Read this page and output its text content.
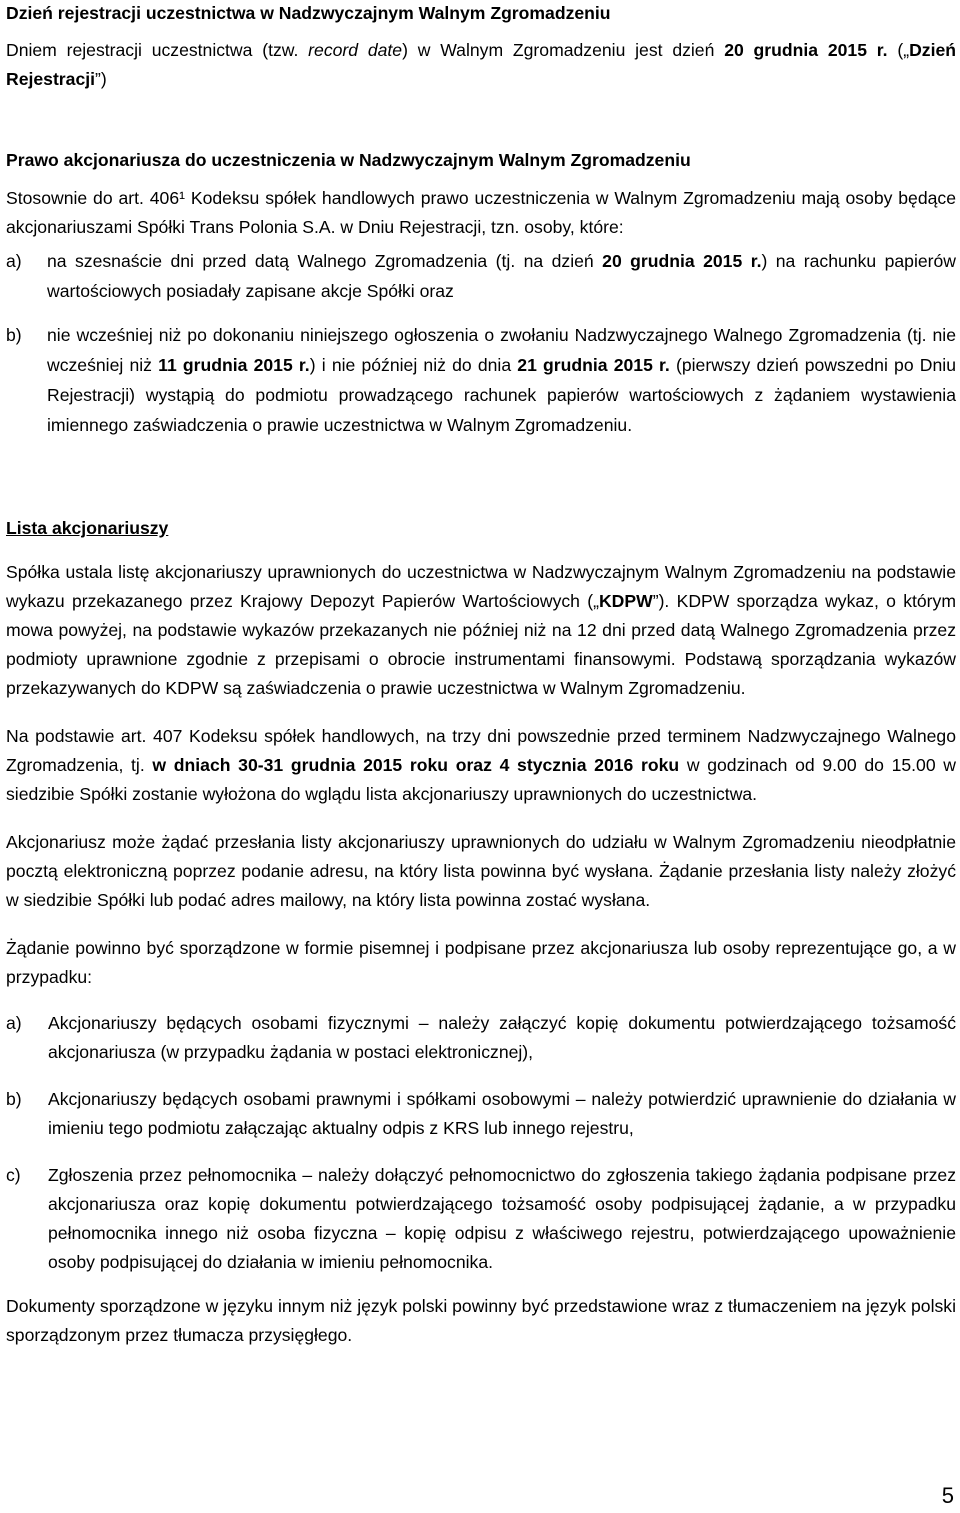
Dzień rejestracji uczestnictwa w Nadzwyczajnym Walnym Zgromadzeniu
Dniem rejestracji uczestnictwa (tzw. record date) w Walnym Zgromadzeniu jest dzień 20 grudnia 2015 r. („Dzień Rejestracji”)
Prawo akcjonariusza do uczestniczenia w Nadzwyczajnym Walnym Zgromadzeniu
Stosownie do art. 406¹ Kodeksu spółek handlowych prawo uczestniczenia w Walnym Zgromadzeniu mają osoby będące akcjonariuszami Spółki Trans Polonia S.A. w Dniu Rejestracji, tzn. osoby, które:
a) na szesnaście dni przed datą Walnego Zgromadzenia (tj. na dzień 20 grudnia 2015 r.) na rachunku papierów wartościowych posiadały zapisane akcje Spółki oraz
b) nie wcześniej niż po dokonaniu niniejszego ogłoszenia o zwołaniu Nadzwyczajnego Walnego Zgromadzenia (tj. nie wcześniej niż 11 grudnia 2015 r.) i nie później niż do dnia 21 grudnia 2015 r. (pierwszy dzień powszedni po Dniu Rejestracji) wystąpią do podmiotu prowadzącego rachunek papierów wartościowych z żądaniem wystawienia imiennego zaświadczenia o prawie uczestnictwa w Walnym Zgromadzeniu.
Lista akcjonariuszy
Spółka ustala listę akcjonariuszy uprawnionych do uczestnictwa w Nadzwyczajnym Walnym Zgromadzeniu na podstawie wykazu przekazanego przez Krajowy Depozyt Papierów Wartościowych („KDPW”). KDPW sporządza wykaz, o którym mowa powyżej, na podstawie wykazów przekazanych nie później niż na 12 dni przed datą Walnego Zgromadzenia przez podmioty uprawnione zgodnie z przepisami o obrocie instrumentami finansowymi. Podstawą sporządzania wykazów przekazywanych do KDPW są zaświadczenia o prawie uczestnictwa w Walnym Zgromadzeniu.
Na podstawie art. 407 Kodeksu spółek handlowych, na trzy dni powszednie przed terminem Nadzwyczajnego Walnego Zgromadzenia, tj. w dniach 30-31 grudnia 2015 roku oraz 4 stycznia 2016 roku w godzinach od 9.00 do 15.00 w siedzibie Spółki zostanie wyłożona do wglądu lista akcjonariuszy uprawnionych do uczestnictwa.
Akcjonariusz może żądać przesłania listy akcjonariuszy uprawnionych do udziału w Walnym Zgromadzeniu nieodpłatnie pocztą elektroniczną poprzez podanie adresu, na który lista powinna być wysłana. Żądanie przesłania listy należy złożyć w siedzibie Spółki lub podać adres mailowy, na który lista powinna zostać wysłana.
Żądanie powinno być sporządzone w formie pisemnej i podpisane przez akcjonariusza lub osoby reprezentujące go, a w przypadku:
a) Akcjonariuszy będących osobami fizycznymi – należy załączyć kopię dokumentu potwierdzającego tożsamość akcjonariusza (w przypadku żądania w postaci elektronicznej),
b) Akcjonariuszy będących osobami prawnymi i spółkami osobowymi – należy potwierdzić uprawnienie do działania w imieniu tego podmiotu załączając aktualny odpis z KRS lub innego rejestru,
c) Zgłoszenia przez pełnomocnika – należy dołączyć pełnomocnictwo do zgłoszenia takiego żądania podpisane przez akcjonariusza oraz kopię dokumentu potwierdzającego tożsamość osoby podpisującej żądanie, a w przypadku pełnomocnika innego niż osoba fizyczna – kopię odpisu z właściwego rejestru, potwierdzającego upoważnienie osoby podpisującej do działania w imieniu pełnomocnika.
Dokumenty sporządzone w języku innym niż język polski powinny być przedstawione wraz z tłumaczeniem na język polski sporządzonym przez tłumacza przysięgłego.
5
